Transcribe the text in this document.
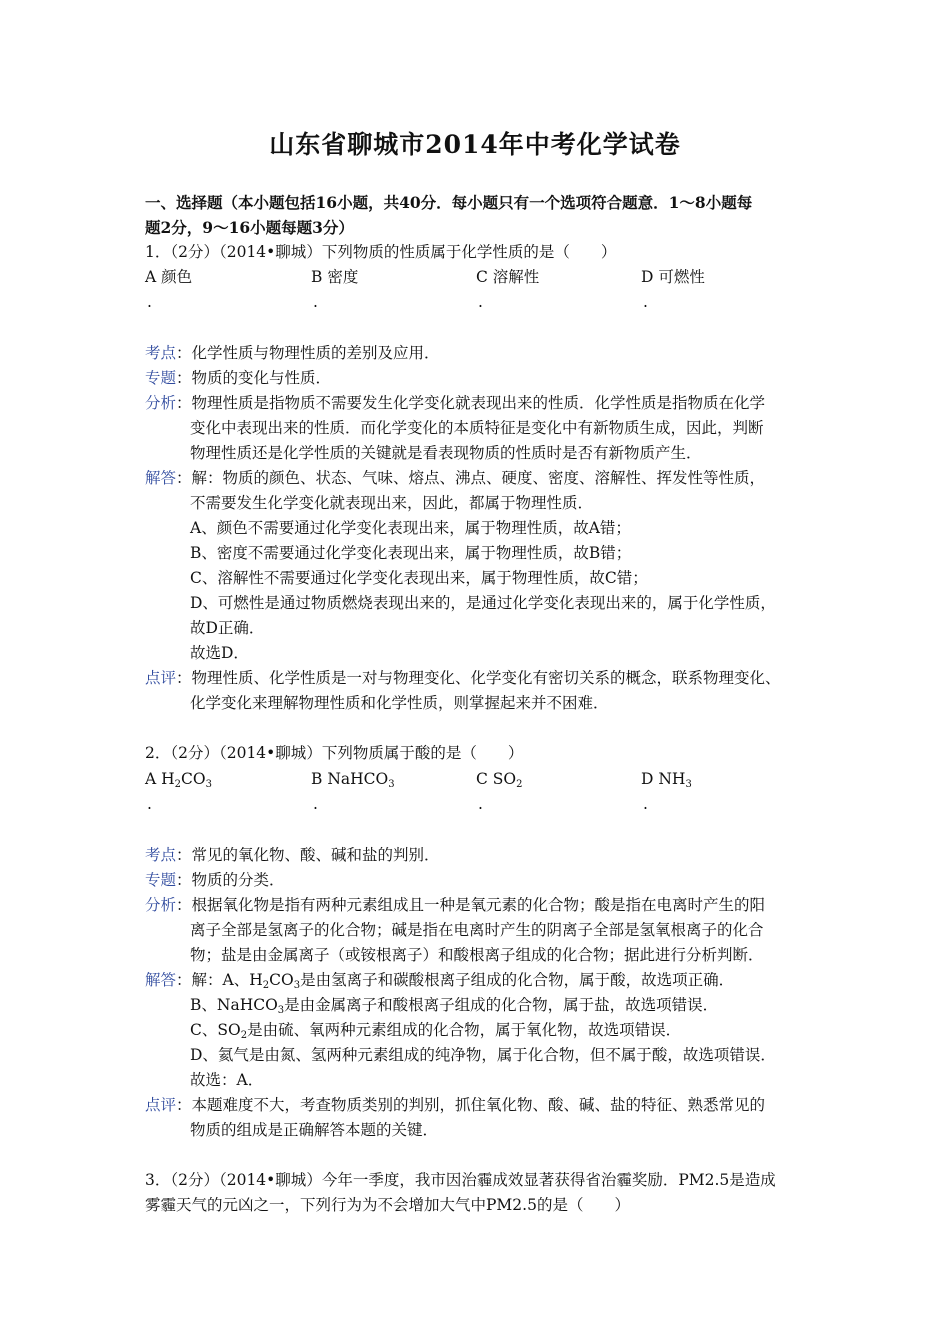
山东省聊城市2014年中考化学试卷
一、选择题（本小题包括16小题，共40分．每小题只有一个选项符合题意．1～8小题每
题2分，9～16小题每题3分）
1．（2分）（2014•聊城）下列物质的性质属于化学性质的是（　　）
A 颜色	B 密度	C 溶解性	D 可燃性
.	.	.	.
考点：化学性质与物理性质的差别及应用．
专题：物质的变化与性质．
分析：物理性质是指物质不需要发生化学变化就表现出来的性质．化学性质是指物质在化学
变化中表现出来的性质．而化学变化的本质特征是变化中有新物质生成，因此，判断
物理性质还是化学性质的关键就是看表现物质的性质时是否有新物质产生．
解答：解：物质的颜色、状态、气味、熔点、沸点、硬度、密度、溶解性、挥发性等性质，
不需要发生化学变化就表现出来，因此，都属于物理性质．
A、颜色不需要通过化学变化表现出来，属于物理性质，故A错；
B、密度不需要通过化学变化表现出来，属于物理性质，故B错；
C、溶解性不需要通过化学变化表现出来，属于物理性质，故C错；
D、可燃性是通过物质燃烧表现出来的，是通过化学变化表现出来的，属于化学性质，
故D正确．
故选D．
点评：物理性质、化学性质是一对与物理变化、化学变化有密切关系的概念，联系物理变化、
化学变化来理解物理性质和化学性质，则掌握起来并不困难．
2．（2分）（2014•聊城）下列物质属于酸的是（　　）
A $H_2CO_3$	B NaHCO$_3$	C $SO_2$	D $NH_3$
.	.	.	.
考点：常见的氧化物、酸、碱和盐的判别．
专题：物质的分类．
分析：根据氧化物是指有两种元素组成且一种是氧元素的化合物；酸是指在电离时产生的阳
离子全部是氢离子的化合物；碱是指在电离时产生的阴离子全部是氢氧根离子的化合
物；盐是由金属离子（或铵根离子）和酸根离子组成的化合物；据此进行分析判断．
解答：解：A、$H_2CO_3$是由氢离子和碳酸根离子组成的化合物，属于酸，故选项正确．
B、NaHCO$_3$是由金属离子和酸根离子组成的化合物，属于盐，故选项错误．
C、$SO_2$是由硫、氧两种元素组成的化合物，属于氧化物，故选项错误．
D、氦气是由氮、氢两种元素组成的纯净物，属于化合物，但不属于酸，故选项错误．
故选：A．
点评：本题难度不大，考查物质类别的判别，抓住氧化物、酸、碱、盐的特征、熟悉常见的
物质的组成是正确解答本题的关键．
3．（2分）（2014•聊城）今年一季度，我市因治霾成效显著获得省治霾奖励．PM2.5是造成
雾霾天气的元凶之一，下列行为为不会增加大气中PM2.5的是（　　）
